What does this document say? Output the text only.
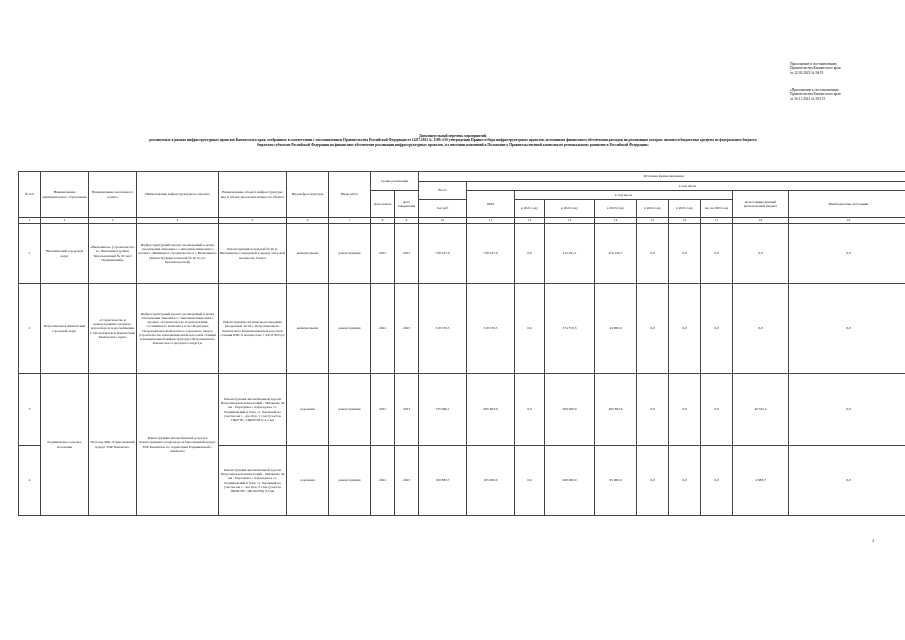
Приложение к постановлению
Правительства Камчатского края
от 22.03.2022 № 94-П
«Приложение к постановлению
Правительства Камчатского края
от 30.11.2021 № 503-П
Дополнительный перечень мероприятий,
реализуемых в рамках инфраструктурных проектов Камчатского края, отобранных в соответствии с постановлением Правительства Российской Федерации от 14.07.2021 № 1189 «Об утверждении Правил отбора инфраструктурных проектов, источником финансового обеспечения расходов на реализацию которых являются бюджетные кредиты из федерального бюджета
бюджетам субъектов Российской Федерации на финансовое обеспечение реализации инфраструктурных проектов, и о внесении изменений в Положение о Правительственной комиссии по региональному развитию в Российской Федерации»
№ п/п	Наименование муниципального образования	Наименование населенного пункта	Наименование инфраструктурного проекта	Наименование объекта инфраструктуры/ вид и объем/ проектная мощность объекта	Вид инфраструктуры	Виды работ	Сроки реализации		Источник финансирования									
									Всего	в том числе								
							Дата начала	Дата завершения		БКИ	в том числе						Консолидированный региональный бюджет	Внебюджетные источники
									тыс.руб		в 2021 году	в 2022 году	в 2023 году	в 2024 году	в 2025 году	после 2025 года		
1	2	3	4	5	6	7	8	9	10	11	12	13	14	15	16	17	18	19
1	Вилючинский городской округ	«Вилючинск» (строительство в г. Вилючинск (район Тихоокеанский № 20 чист Пушкинский)»	Инфраструктурный проект, реализуемый в целях обеспечения связанного с ним инвестиционного проекта «Жилищное строительство в г. Вилючинск» (Реконструкция тепловой № 20 по ул. Кронштадтской)	Реконструкция котельной № 20 (г. Вилючинск) с передачей в аренду тепловой мощности, Гкал/ч	коммунальная	реконструкция	2022	2023	738 237,9	738 237,9	0,0	212 091,1	476 146,7	0,0	0,0	0,0	0,0	0,0
2	Петропавловск-Камчатский городской округ	«Строительство и реконструкция головного водозабора и водоснабжения г. Петропавловск-Камчатский Камчатского края»	Инфраструктурный проект, реализуемый в целях обеспечения связанного с ним инвестиционного проекта «Строительство и эксплуатация гостиничного комплекса в пос.Паратунка Петропавловск-Камчатского городского округа (строительство канализационной насосной станции и Коммунальной инфраструктуры Петропавловск-Камчатского городского округа)»	Реконструкция системы водоотведения (модульной части г. Петропавловска-Камчатского Канализационная насосная станция КНС-9 мощностью 7 447,07м3/сут	коммунальная	реконструкция	2022	2023	518 570,3	518 570,3	0,0	374 570,3	44 000,0	0,0	0,0	0,0	0,0	0,0
3	Родниковское сельское поселение	Поселок ТБК «Горнолыжный курорт ТОР Камчатка»	Реконструкция автомобильной дороги и Реконструкция газопровода «Горнолыжный курорт ТОР Камчатка» по территории Родниковской с. Камчатка	Реконструкция автомобильной дороги Петропавловск-Камчатский - Мильково 40 км - Паратунка с подъездом к ст. Родниковский и 6 км. ст. Зарочный на участке км 1 - км 16,4, 1 этап (участок ПК0+00 - ПК69+00,0; 2,1 км	дорожная	реконструкция	2022	2023	745 996,1	695 863,9	0,0	200 000,0	495 863,9	0,0	0,0	0,0	49 532,2	0,0
4				Реконструкция автомобильной дороги Петропавловск-Камчатский - Мильково 40 км - Паратунка с подъездом к ст. Родниковский и 6 км. ст. Зарочный на участке км 1 - км 16,4, 2 этап (участок ПК69+00 - ПК164+00) 9,5 км	дорожная	реконструкция	2022	2023	199 883,7	195 000,0	0,0	200 000,0	95 000,0	0,0	0,0	0,0	4 883,7	0,0
4
